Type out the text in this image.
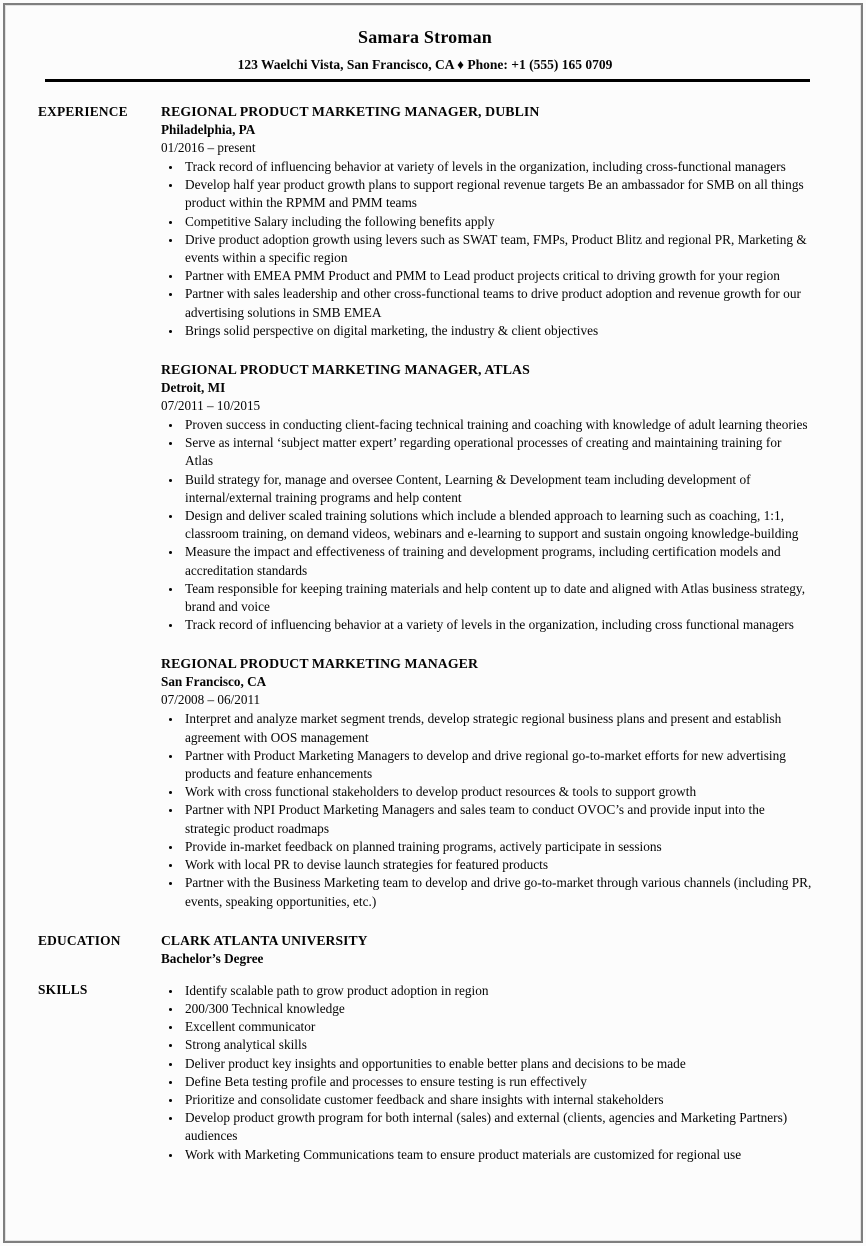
Samara Stroman
123 Waelchi Vista, San Francisco, CA ♦ Phone: +1 (555) 165 0709
EXPERIENCE	REGIONAL PRODUCT MARKETING MANAGER, DUBLIN
Philadelphia, PA
01/2016 – present
• Track record of influencing behavior at variety of levels in the organization, including cross-functional managers
• Develop half year product growth plans to support regional revenue targets Be an ambassador for SMB on all things product within the RPMM and PMM teams
• Competitive Salary including the following benefits apply
• Drive product adoption growth using levers such as SWAT team, FMPs, Product Blitz and regional PR, Marketing & events within a specific region
• Partner with EMEA PMM Product and PMM to Lead product projects critical to driving growth for your region
• Partner with sales leadership and other cross-functional teams to drive product adoption and revenue growth for our advertising solutions in SMB EMEA
• Brings solid perspective on digital marketing, the industry & client objectives
REGIONAL PRODUCT MARKETING MANAGER, ATLAS
Detroit, MI
07/2011 – 10/2015
• Proven success in conducting client-facing technical training and coaching with knowledge of adult learning theories
• Serve as internal ‘subject matter expert’ regarding operational processes of creating and maintaining training for Atlas
• Build strategy for, manage and oversee Content, Learning & Development team including development of internal/external training programs and help content
• Design and deliver scaled training solutions which include a blended approach to learning such as coaching, 1:1, classroom training, on demand videos, webinars and e-learning to support and sustain ongoing knowledge-building
• Measure the impact and effectiveness of training and development programs, including certification models and accreditation standards
• Team responsible for keeping training materials and help content up to date and aligned with Atlas business strategy, brand and voice
• Track record of influencing behavior at a variety of levels in the organization, including cross functional managers
REGIONAL PRODUCT MARKETING MANAGER
San Francisco, CA
07/2008 – 06/2011
• Interpret and analyze market segment trends, develop strategic regional business plans and present and establish agreement with OOS management
• Partner with Product Marketing Managers to develop and drive regional go-to-market efforts for new advertising products and feature enhancements
• Work with cross functional stakeholders to develop product resources & tools to support growth
• Partner with NPI Product Marketing Managers and sales team to conduct OVOC’s and provide input into the strategic product roadmaps
• Provide in-market feedback on planned training programs, actively participate in sessions
• Work with local PR to devise launch strategies for featured products
• Partner with the Business Marketing team to develop and drive go-to-market through various channels (including PR, events, speaking opportunities, etc.)
EDUCATION	CLARK ATLANTA UNIVERSITY
Bachelor’s Degree
SKILLS	• Identify scalable path to grow product adoption in region
• 200/300 Technical knowledge
• Excellent communicator
• Strong analytical skills
• Deliver product key insights and opportunities to enable better plans and decisions to be made
• Define Beta testing profile and processes to ensure testing is run effectively
• Prioritize and consolidate customer feedback and share insights with internal stakeholders
• Develop product growth program for both internal (sales) and external (clients, agencies and Marketing Partners) audiences
• Work with Marketing Communications team to ensure product materials are customized for regional use
